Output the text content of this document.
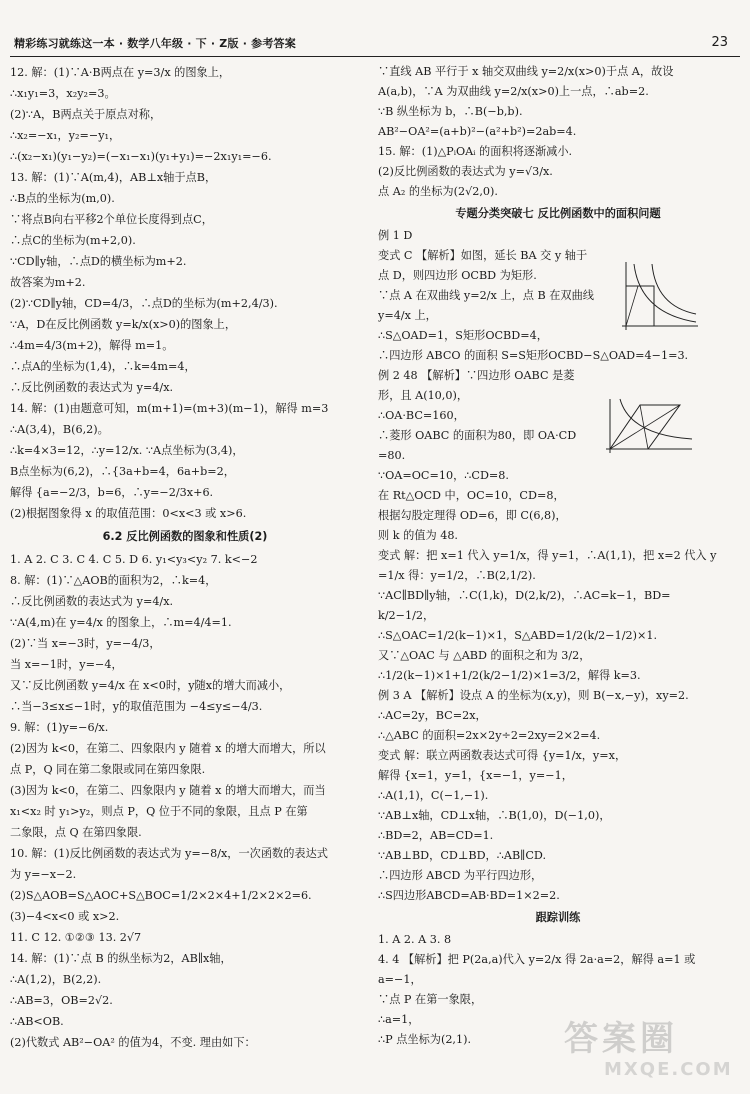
精彩练习就练这一本 · 数学八年级 · 下 · Z版 · 参考答案	23
12. 解：(1)∵A·B两点在 y=3/x 的图象上，
∴x₁y₁=3，x₂y₂=3。
(2)∵A，B两点关于原点对称，
∴x₂=−x₁，y₂=−y₁，
∴(x₂−x₁)(y₁−y₂)=(−x₁−x₁)(y₁+y₁)=−2x₁y₁=−6.
13. 解：(1)∵A(m,4)，AB⊥x轴于点B，
∴B点的坐标为(m,0).
∵将点B向右平移2个单位长度得到点C，
∴点C的坐标为(m+2,0).
∵CD∥y轴，∴点D的横坐标为m+2.
故答案为m+2.
(2)∵CD∥y轴，CD=4/3，∴点D的坐标为(m+2,4/3).
∵A，D在反比例函数 y=k/x(x>0)的图象上，
∴4m=4/3(m+2)，解得 m=1。
∴点A的坐标为(1,4)，∴k=4m=4，
∴反比例函数的表达式为 y=4/x.
14. 解：(1)由题意可知，m(m+1)=(m+3)(m−1)，解得 m=3
∴A(3,4)，B(6,2)。
∴k=4×3=12，∴y=12/x. ∵A点坐标为(3,4)，
B点坐标为(6,2)，∴{3a+b=4，6a+b=2，
解得 {a=−2/3，b=6，∴y=−2/3x+6.
(2)根据图象得 x 的取值范围：0<x<3 或 x>6.
6.2 反比例函数的图象和性质(2)
1. A 2. C 3. C 4. C 5. D 6. y₁<y₃<y₂ 7. k<−2
8. 解：(1)∵△AOB的面积为2，∴k=4，
∴反比例函数的表达式为 y=4/x.
∵A(4,m)在 y=4/x 的图象上，∴m=4/4=1.
(2)∵当 x=−3时，y=−4/3，
当 x=−1时，y=−4，
又∵反比例函数 y=4/x 在 x<0时，y随x的增大而减小，
∴当−3≤x≤−1时，y的取值范围为 −4≤y≤−4/3.
9. 解：(1)y=−6/x.
(2)因为 k<0，在第二、四象限内 y 随着 x 的增大而增大，所以
点 P，Q 同在第二象限或同在第四象限.
(3)因为 k<0，在第二、四象限内 y 随着 x 的增大而增大，而当
x₁<x₂ 时 y₁>y₂，则点 P，Q 位于不同的象限，且点 P 在第
二象限，点 Q 在第四象限.
10. 解：(1)反比例函数的表达式为 y=−8/x，一次函数的表达式
为 y=−x−2.
(2)S△AOB=S△AOC+S△BOC=1/2×2×4+1/2×2×2=6.
(3)−4<x<0 或 x>2.
11. C 12. ①②③ 13. 2√7
14. 解：(1)∵点 B 的纵坐标为2，AB∥x轴，
∴A(1,2)，B(2,2).
∴AB=3，OB=2√2.
∴AB<OB.
(2)代数式 AB²−OA² 的值为4，不变. 理由如下：
∵直线 AB 平行于 x 轴交双曲线 y=2/x(x>0)于点 A，故设
A(a,b)，∵A 为双曲线 y=2/x(x>0)上一点，∴ab=2.
∵B 纵坐标为 b，∴B(−b,b).
AB²−OA²=(a+b)²−(a²+b²)=2ab=4.
15. 解：(1)△PᵢOAᵢ 的面积将逐渐减小.
(2)反比例函数的表达式为 y=√3/x.
点 A₂ 的坐标为(2√2,0).
专题分类突破七 反比例函数中的面积问题
例 1 D
变式 C 【解析】如图，延长 BA 交 y 轴于
点 D，则四边形 OCBD 为矩形.
∵点 A 在双曲线 y=2/x 上，点 B 在双曲线
y=4/x 上，
∴S△OAD=1，S矩形OCBD=4，
∴四边形 ABCO 的面积 S=S矩形OCBD−S△OAD=4−1=3.
例 2 48 【解析】∵四边形 OABC 是菱
形，且 A(10,0)，
∴OA·BC=160，
∴菱形 OABC 的面积为80，即 OA·CD
=80.
∵OA=OC=10，∴CD=8.
在 Rt△OCD 中，OC=10，CD=8，
根据勾股定理得 OD=6，即 C(6,8)，
则 k 的值为 48.
变式 解：把 x=1 代入 y=1/x，得 y=1，∴A(1,1)，把 x=2 代入 y
=1/x 得：y=1/2，∴B(2,1/2).
∵AC∥BD∥y轴，∴C(1,k)，D(2,k/2)，∴AC=k−1，BD=
k/2−1/2，
∴S△OAC=1/2(k−1)×1，S△ABD=1/2(k/2−1/2)×1.
又∵△OAC 与 △ABD 的面积之和为 3/2，
∴1/2(k−1)×1+1/2(k/2−1/2)×1=3/2，解得 k=3.
例 3 A 【解析】设点 A 的坐标为(x,y)，则 B(−x,−y)，xy=2.
∴AC=2y，BC=2x，
∴△ABC 的面积=2x×2y÷2=2xy=2×2=4.
变式 解：联立两函数表达式可得 {y=1/x，y=x，
解得 {x=1，y=1，{x=−1，y=−1，
∴A(1,1)，C(−1,−1).
∵AB⊥x轴，CD⊥x轴，∴B(1,0)，D(−1,0)，
∴BD=2，AB=CD=1.
∵AB⊥BD，CD⊥BD，∴AB∥CD.
∴四边形 ABCD 为平行四边形，
∴S四边形ABCD=AB·BD=1×2=2.
跟踪训练
1. A 2. A 3. 8
4. 4 【解析】把 P(2a,a)代入 y=2/x 得 2a·a=2，解得 a=1 或
a=−1，
∵点 P 在第一象限，
∴a=1，
∴P 点坐标为(2,1).	答案圈
MXQE.COM
